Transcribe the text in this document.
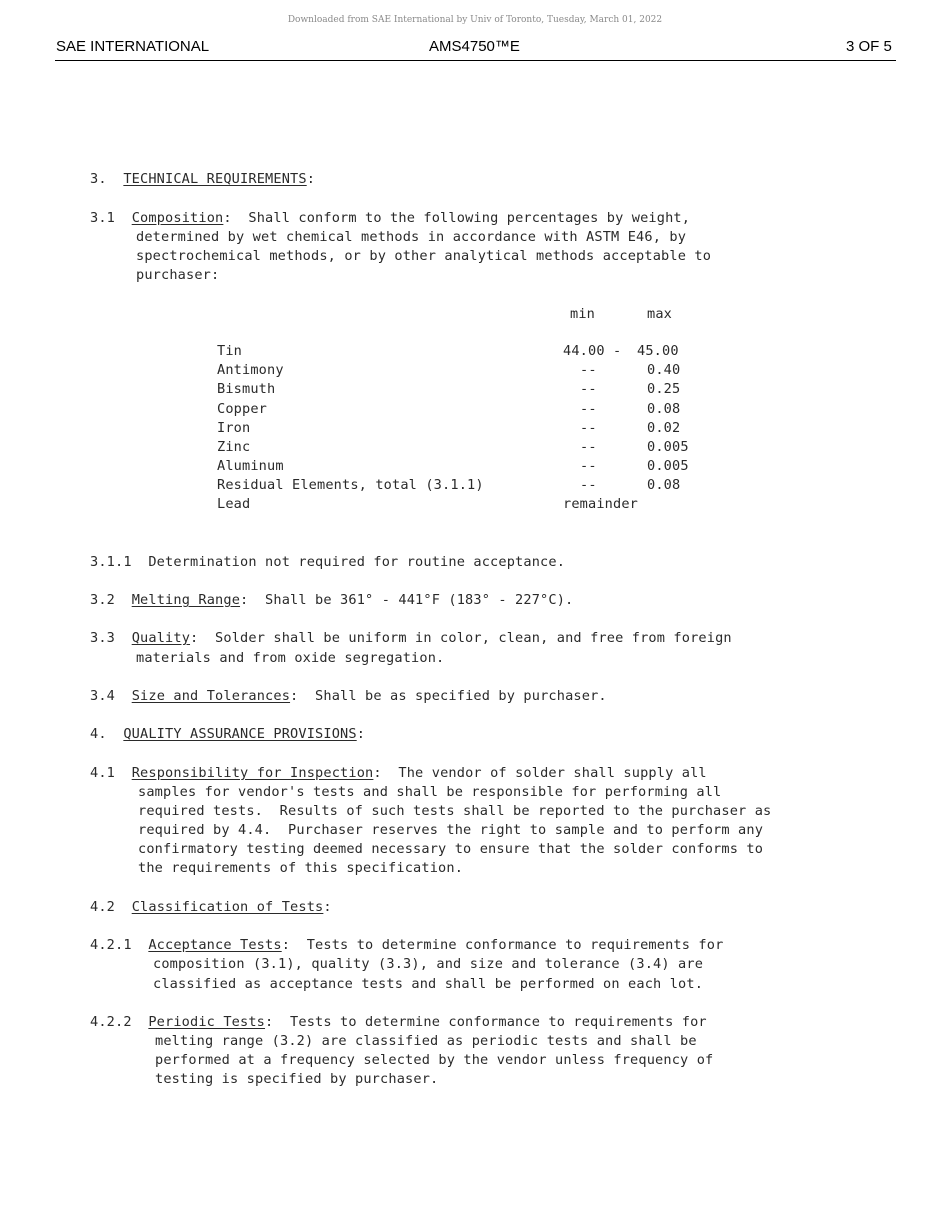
Downloaded from SAE International by Univ of Toronto, Tuesday, March 01, 2022
SAE INTERNATIONAL	AMS4750™E	3 OF 5
3. TECHNICAL REQUIREMENTS:
3.1 Composition:  Shall conform to the following percentages by weight,
determined by wet chemical methods in accordance with ASTM E46, by
spectrochemical methods, or by other analytical methods acceptable to
purchaser:
min	max
Tin	44.00 - 45.00
Antimony	--	0.40
Bismuth	--	0.25
Copper	--	0.08
Iron	--	0.02
Zinc	--	0.005
Aluminum	--	0.005
Residual Elements, total (3.1.1)	--	0.08
Lead	remainder
3.1.1 Determination not required for routine acceptance.
3.2 Melting Range:  Shall be 361° - 441°F (183° - 227°C).
3.3 Quality:  Solder shall be uniform in color, clean, and free from foreign
materials and from oxide segregation.
3.4 Size and Tolerances:  Shall be as specified by purchaser.
4. QUALITY ASSURANCE PROVISIONS:
4.1 Responsibility for Inspection:  The vendor of solder shall supply all
samples for vendor's tests and shall be responsible for performing all
required tests.  Results of such tests shall be reported to the purchaser as
required by 4.4.  Purchaser reserves the right to sample and to perform any
confirmatory testing deemed necessary to ensure that the solder conforms to
the requirements of this specification.
4.2 Classification of Tests:
4.2.1 Acceptance Tests:  Tests to determine conformance to requirements for
composition (3.1), quality (3.3), and size and tolerance (3.4) are
classified as acceptance tests and shall be performed on each lot.
4.2.2 Periodic Tests:  Tests to determine conformance to requirements for
melting range (3.2) are classified as periodic tests and shall be
performed at a frequency selected by the vendor unless frequency of
testing is specified by purchaser.
